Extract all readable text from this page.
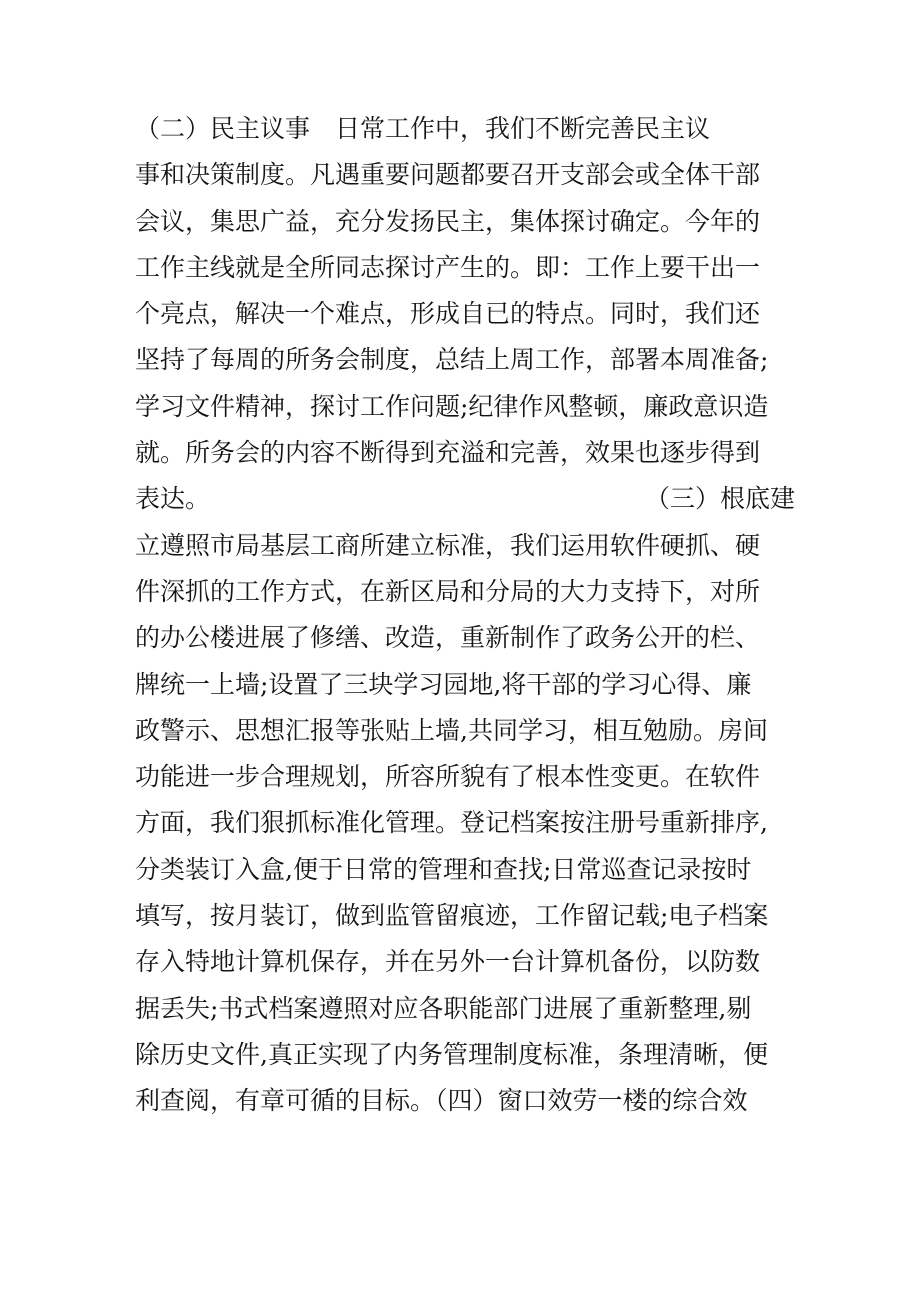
（二）民主议事　日常工作中，我们不断完善民主议
事和决策制度。凡遇重要问题都要召开支部会或全体干部
会议，集思广益，充分发扬民主，集体探讨确定。今年的
工作主线就是全所同志探讨产生的。即：工作上要干出一
个亮点，解决一个难点，形成自已的特点。同时，我们还
坚持了每周的所务会制度，总结上周工作，部署本周准备;
学习文件精神，探讨工作问题;纪律作风整顿，廉政意识造
就。所务会的内容不断得到充溢和完善，效果也逐步得到
表达。	（三）根底建
立遵照市局基层工商所建立标准，我们运用软件硬抓、硬
件深抓的工作方式，在新区局和分局的大力支持下，对所
的办公楼进展了修缮、改造，重新制作了政务公开的栏、
牌统一上墙;设置了三块学习园地,将干部的学习心得、廉
政警示、思想汇报等张贴上墙,共同学习，相互勉励。房间
功能进一步合理规划，所容所貌有了根本性变更。在软件
方面，我们狠抓标准化管理。登记档案按注册号重新排序,
分类装订入盒,便于日常的管理和查找;日常巡查记录按时
填写，按月装订，做到监管留痕迹，工作留记载;电子档案
存入特地计算机保存，并在另外一台计算机备份，以防数
据丢失;书式档案遵照对应各职能部门进展了重新整理,剔
除历史文件,真正实现了内务管理制度标准，条理清晰，便
利查阅，有章可循的目标。（四）窗口效劳一楼的综合效
